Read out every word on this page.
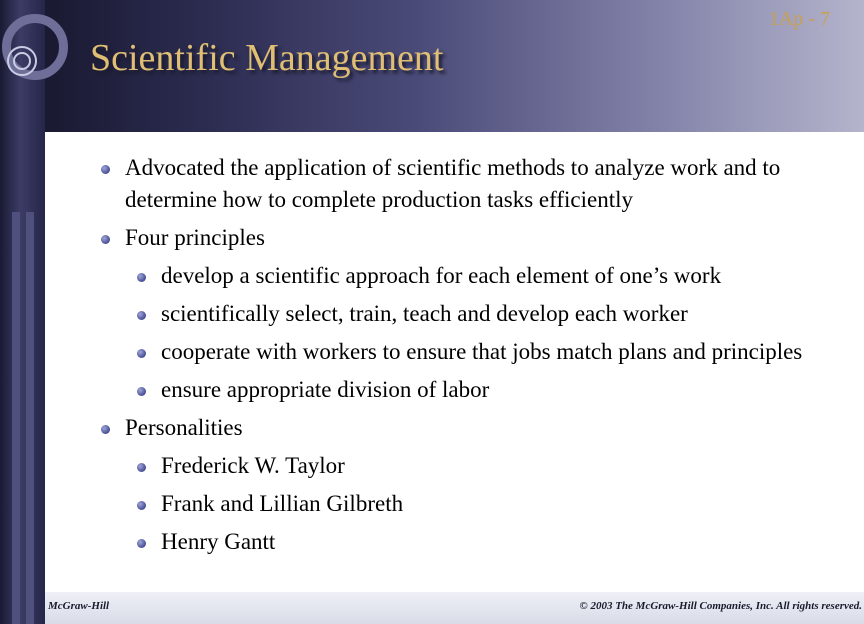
1Ap - 7
Scientific Management
Advocated the application of scientific methods to analyze work and to determine how to complete production tasks efficiently
Four principles
develop a scientific approach for each element of one’s work
scientifically select, train, teach and develop each worker
cooperate with workers to ensure that jobs match plans and principles
ensure appropriate division of labor
Personalities
Frederick W. Taylor
Frank and Lillian Gilbreth
Henry Gantt
McGraw-Hill	© 2003 The McGraw-Hill Companies, Inc. All rights reserved.
